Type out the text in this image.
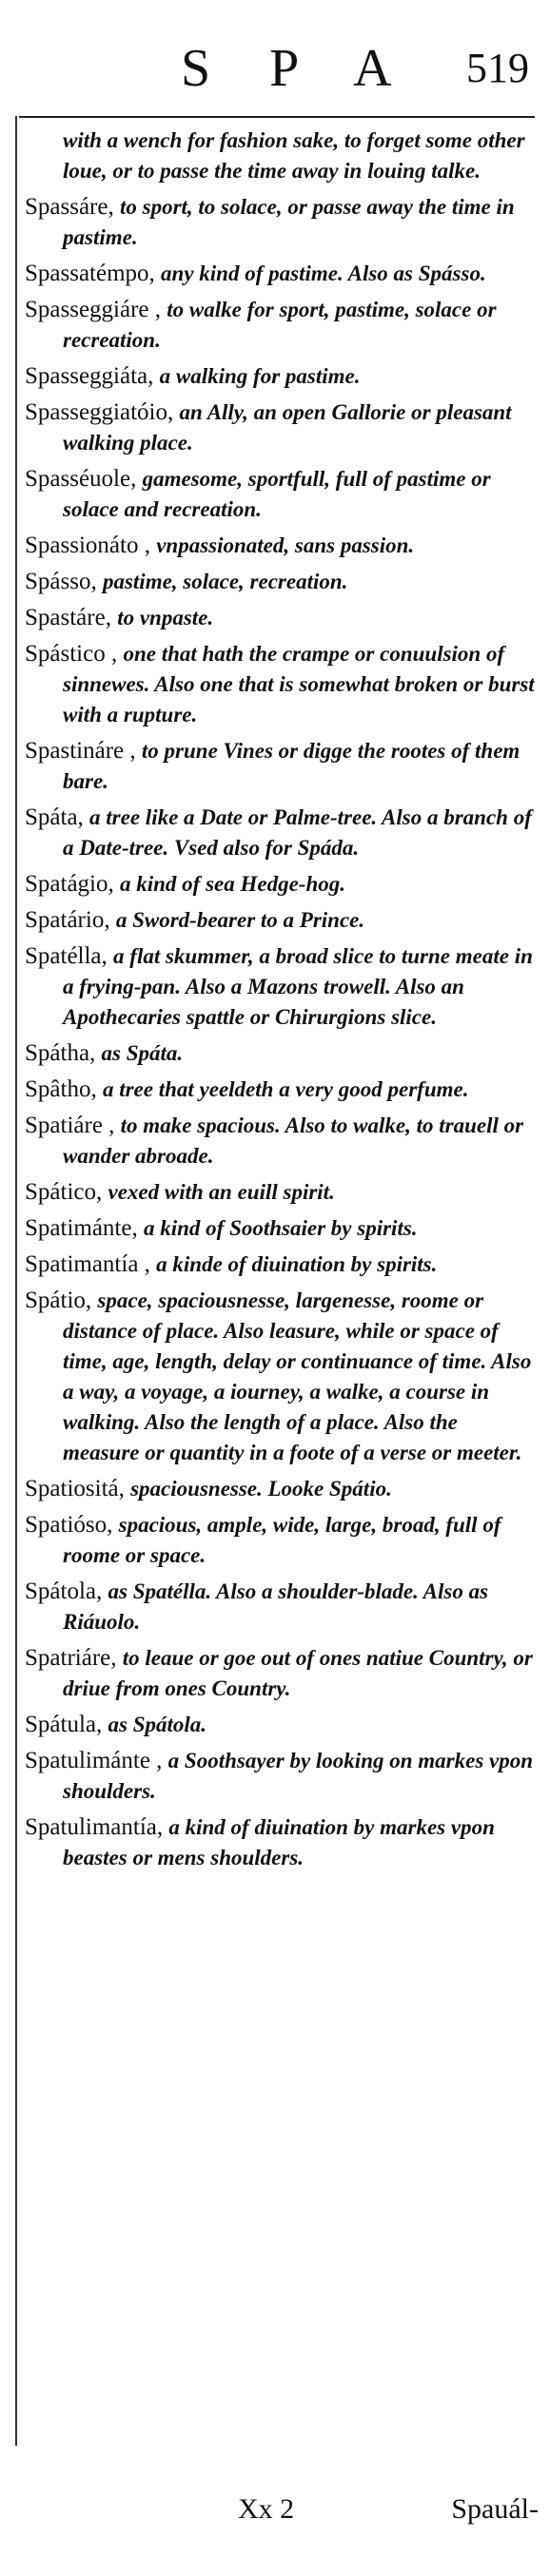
SPA 519
with a wench for fashion sake, to forget some other loue, or to passe the time away in louing talke.
Spassáre, to sport, to solace, or passe away the time in pastime.
Spassatémpo, any kind of pastime. Also as Spásso.
Spasseggiáre , to walke for sport, pastime, solace or recreation.
Spasseggiáta, a walking for pastime.
Spasseggiatóio, an Ally, an open Gallorie or pleasant walking place.
Spasséuole, gamesome, sportfull, full of pastime or solace and recreation.
Spassionáto , vnpassionated, sans passion.
Spásso, pastime, solace, recreation.
Spastáre, to vnpaste.
Spástico , one that hath the crampe or conuulsion of sinnewes. Also one that is somewhat broken or burst with a rupture.
Spastináre , to prune Vines or digge the rootes of them bare.
Spáta, a tree like a Date or Palme-tree. Also a branch of a Date-tree. Vsed also for Spáda.
Spatágio, a kind of sea Hedge-hog.
Spatário, a Sword-bearer to a Prince.
Spatélla, a flat skummer, a broad slice to turne meate in a frying-pan. Also a Mazons trowell. Also an Apothecaries spattle or Chirurgions slice.
Spátha, as Spáta.
Spâtho, a tree that yeeldeth a very good perfume.
Spatiáre , to make spacious. Also to walke, to trauell or wander abroade.
Spático, vexed with an euill spirit.
Spatimánte, a kind of Soothsaier by spirits.
Spatimantía , a kinde of diuination by spirits.
Spátio, space, spaciousnesse, largenesse, roome or distance of place. Also leasure, while or space of time, age, length, delay or continuance of time. Also a way, a voyage, a iourney, a walke, a course in walking. Also the length of a place. Also the measure or quantity in a foote of a verse or meeter.
Spatiositá, spaciousnesse. Looke Spátio.
Spatióso, spacious, ample, wide, large, broad, full of roome or space.
Spátola, as Spatélla. Also a shoulder-blade. Also as Riáuolo.
Spatriáre, to leaue or goe out of ones natiue Country, or driue from ones Country.
Spátula, as Spátola.
Spatulimánte , a Soothsayer by looking on markes vpon shoulders.
Spatulimantía, a kind of diuination by markes vpon beastes or mens shoulders.
Xx 2	Spauál-
